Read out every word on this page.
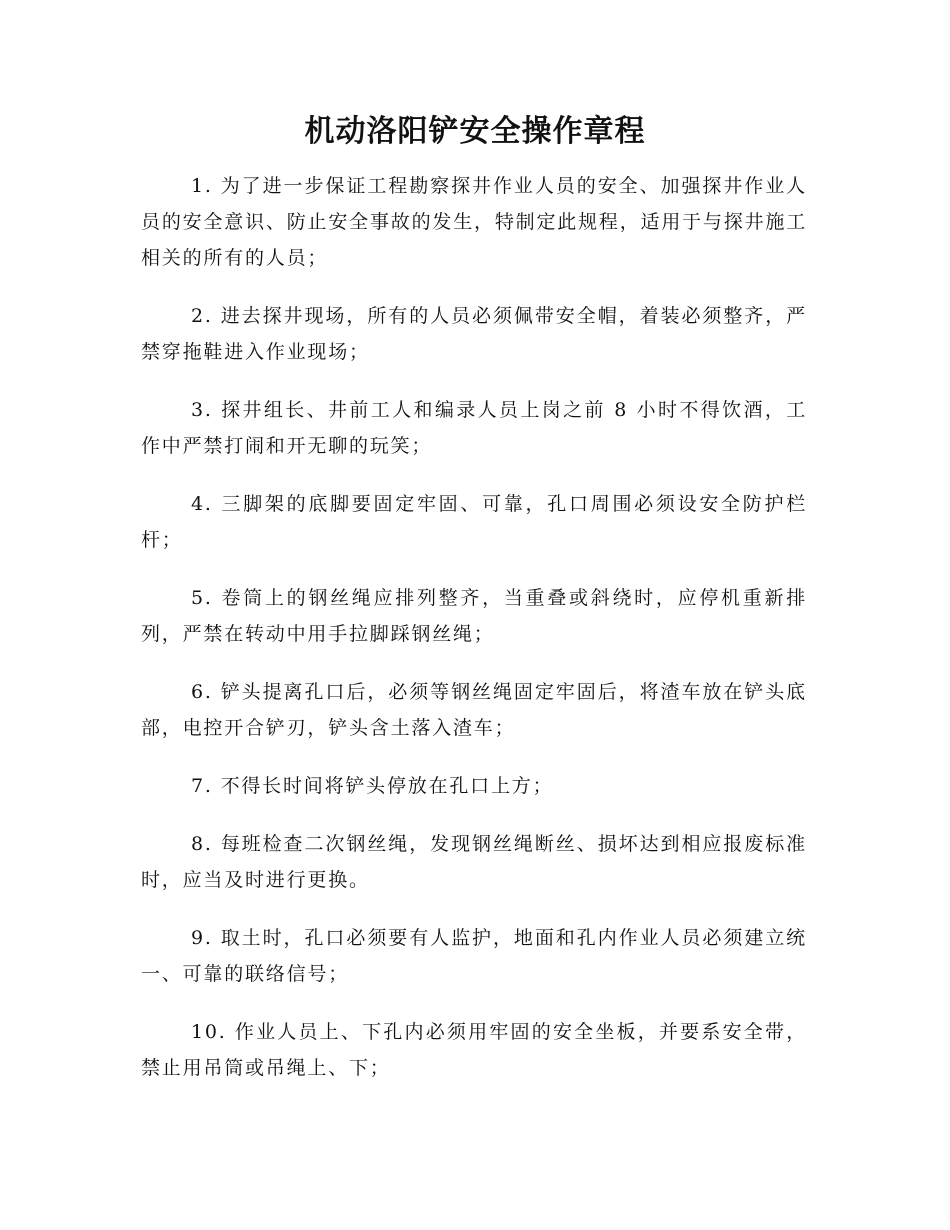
机动洛阳铲安全操作章程

1. 为了进一步保证工程勘察探井作业人员的安全、加强探井作业人员的安全意识、防止安全事故的发生，特制定此规程，适用于与探井施工相关的所有的人员；

2. 进去探井现场，所有的人员必须佩带安全帽，着装必须整齐，严禁穿拖鞋进入作业现场；

3. 探井组长、井前工人和编录人员上岗之前 8 小时不得饮酒，工作中严禁打闹和开无聊的玩笑；

4. 三脚架的底脚要固定牢固、可靠，孔口周围必须设安全防护栏杆；

5. 卷筒上的钢丝绳应排列整齐，当重叠或斜绕时，应停机重新排列，严禁在转动中用手拉脚踩钢丝绳；

6. 铲头提离孔口后，必须等钢丝绳固定牢固后，将渣车放在铲头底部，电控开合铲刃，铲头含土落入渣车；

7. 不得长时间将铲头停放在孔口上方；

8. 每班检查二次钢丝绳，发现钢丝绳断丝、损坏达到相应报废标准时，应当及时进行更换。

9. 取土时，孔口必须要有人监护，地面和孔内作业人员必须建立统一、可靠的联络信号；

10. 作业人员上、下孔内必须用牢固的安全坐板，并要系安全带，禁止用吊筒或吊绳上、下；
